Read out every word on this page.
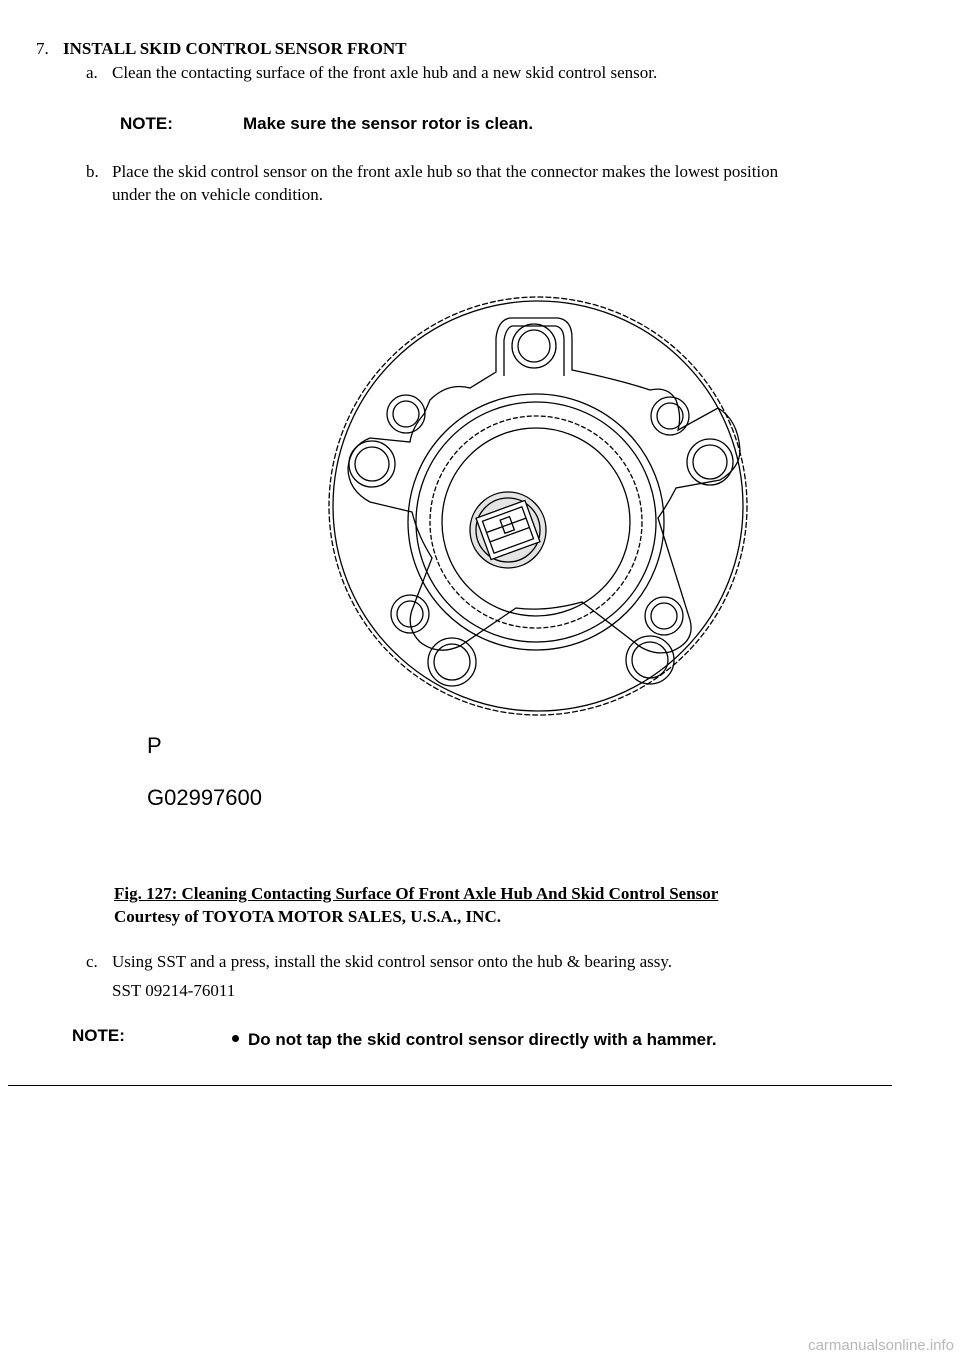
7. INSTALL SKID CONTROL SENSOR FRONT
a. Clean the contacting surface of the front axle hub and a new skid control sensor.
NOTE:	Make sure the sensor rotor is clean.
b. Place the skid control sensor on the front axle hub so that the connector makes the lowest position
under the on vehicle condition.
P
G02997600
Fig. 127: Cleaning Contacting Surface Of Front Axle Hub And Skid Control Sensor
Courtesy of TOYOTA MOTOR SALES, U.S.A., INC.
c. Using SST and a press, install the skid control sensor onto the hub & bearing assy.
SST 09214-76011
NOTE:	Do not tap the skid control sensor directly with a hammer.
carmanualsonline.info
